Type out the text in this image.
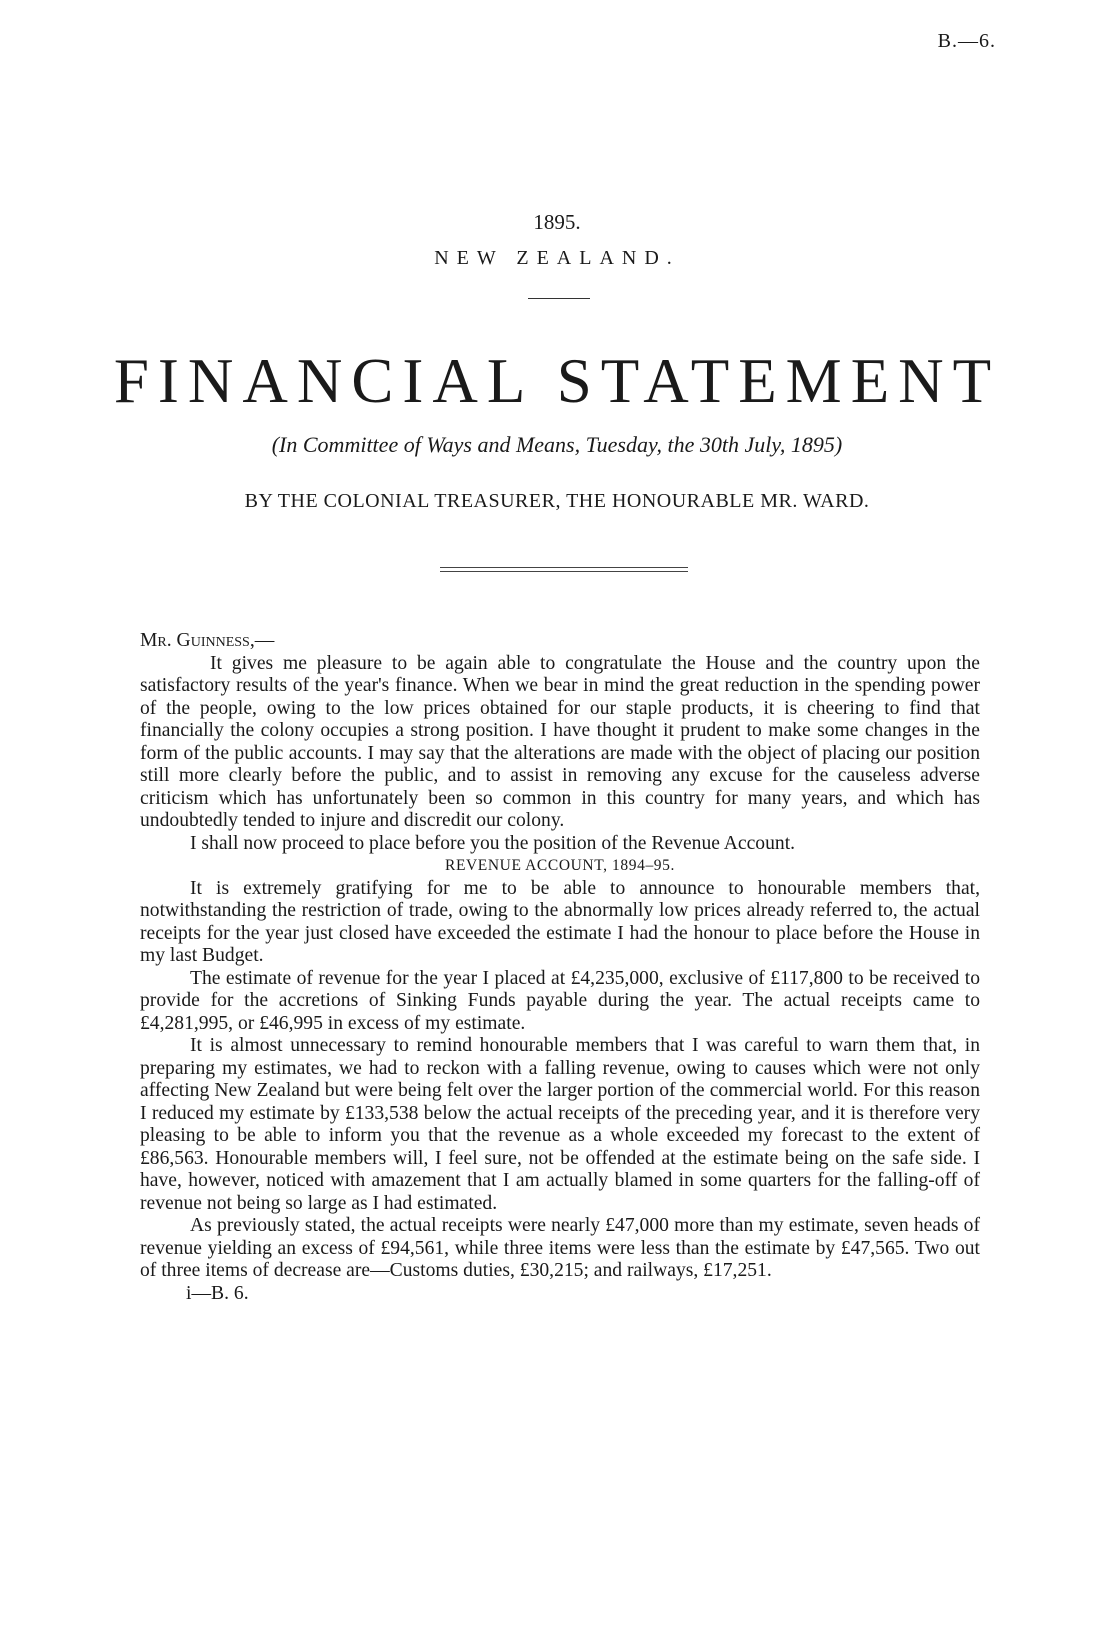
B.—6.
1895.
NEW ZEALAND.
FINANCIAL STATEMENT
(In Committee of Ways and Means, Tuesday, the 30th July, 1895)
BY THE COLONIAL TREASURER, THE HONOURABLE MR. WARD.

Mr. Guinness,—

It gives me pleasure to be again able to congratulate the House and the country upon the satisfactory results of the year's finance. When we bear in mind the great reduction in the spending power of the people, owing to the low prices obtained for our staple products, it is cheering to find that financially the colony occupies a strong position. I have thought it prudent to make some changes in the form of the public accounts. I may say that the alterations are made with the object of placing our position still more clearly before the public, and to assist in removing any excuse for the causeless adverse criticism which has unfortunately been so common in this country for many years, and which has undoubtedly tended to injure and discredit our colony.

I shall now proceed to place before you the position of the Revenue Account.

REVENUE ACCOUNT, 1894–95.

It is extremely gratifying for me to be able to announce to honourable members that, notwithstanding the restriction of trade, owing to the abnormally low prices already referred to, the actual receipts for the year just closed have exceeded the estimate I had the honour to place before the House in my last Budget.

The estimate of revenue for the year I placed at £4,235,000, exclusive of £117,800 to be received to provide for the accretions of Sinking Funds payable during the year. The actual receipts came to £4,281,995, or £46,995 in excess of my estimate.

It is almost unnecessary to remind honourable members that I was careful to warn them that, in preparing my estimates, we had to reckon with a falling revenue, owing to causes which were not only affecting New Zealand but were being felt over the larger portion of the commercial world. For this reason I reduced my estimate by £133,538 below the actual receipts of the preceding year, and it is therefore very pleasing to be able to inform you that the revenue as a whole exceeded my forecast to the extent of £86,563. Honourable members will, I feel sure, not be offended at the estimate being on the safe side. I have, however, noticed with amazement that I am actually blamed in some quarters for the falling-off of revenue not being so large as I had estimated.

As previously stated, the actual receipts were nearly £47,000 more than my estimate, seven heads of revenue yielding an excess of £94,561, while three items were less than the estimate by £47,565. Two out of three items of decrease are—Customs duties, £30,215; and railways, £17,251.

i—B. 6.
